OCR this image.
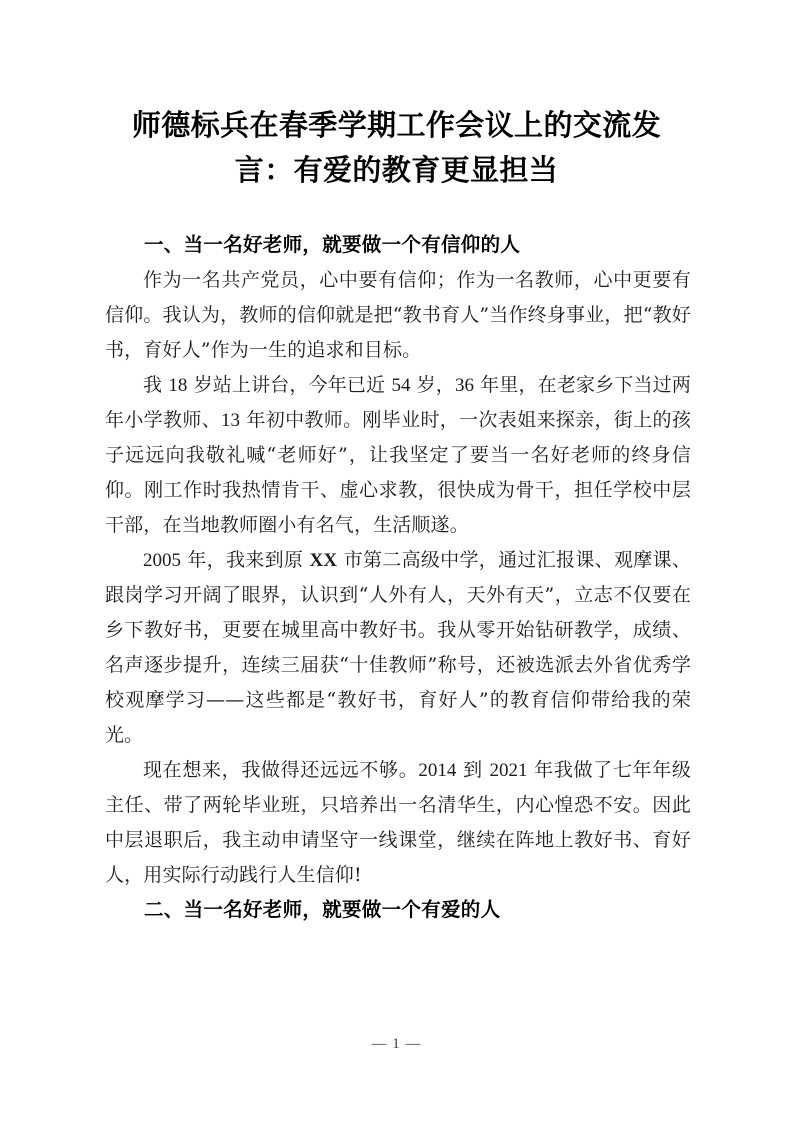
师德标兵在春季学期工作会议上的交流发
言：有爱的教育更显担当

一、当一名好老师，就要做一个有信仰的人

作为一名共产党员，心中要有信仰；作为一名教师，心中更要有信仰。我认为，教师的信仰就是把“教书育人”当作终身事业，把“教好书，育好人”作为一生的追求和目标。

我 18 岁站上讲台，今年已近 54 岁，36 年里，在老家乡下当过两年小学教师、13 年初中教师。刚毕业时，一次表姐来探亲，街上的孩子远远向我敬礼喊“老师好”，让我坚定了要当一名好老师的终身信仰。刚工作时我热情肯干、虚心求教，很快成为骨干，担任学校中层干部，在当地教师圈小有名气，生活顺遂。

2005 年，我来到原 XX 市第二高级中学，通过汇报课、观摩课、跟岗学习开阔了眼界，认识到“人外有人，天外有天”，立志不仅要在乡下教好书，更要在城里高中教好书。我从零开始钻研教学，成绩、名声逐步提升，连续三届获“十佳教师”称号，还被选派去外省优秀学校观摩学习——这些都是“教好书，育好人”的教育信仰带给我的荣光。

现在想来，我做得还远远不够。2014 到 2021 年我做了七年年级主任、带了两轮毕业班，只培养出一名清华生，内心惶恐不安。因此中层退职后，我主动申请坚守一线课堂，继续在阵地上教好书、育好人，用实际行动践行人生信仰!

二、当一名好老师，就要做一个有爱的人

— 1 —
